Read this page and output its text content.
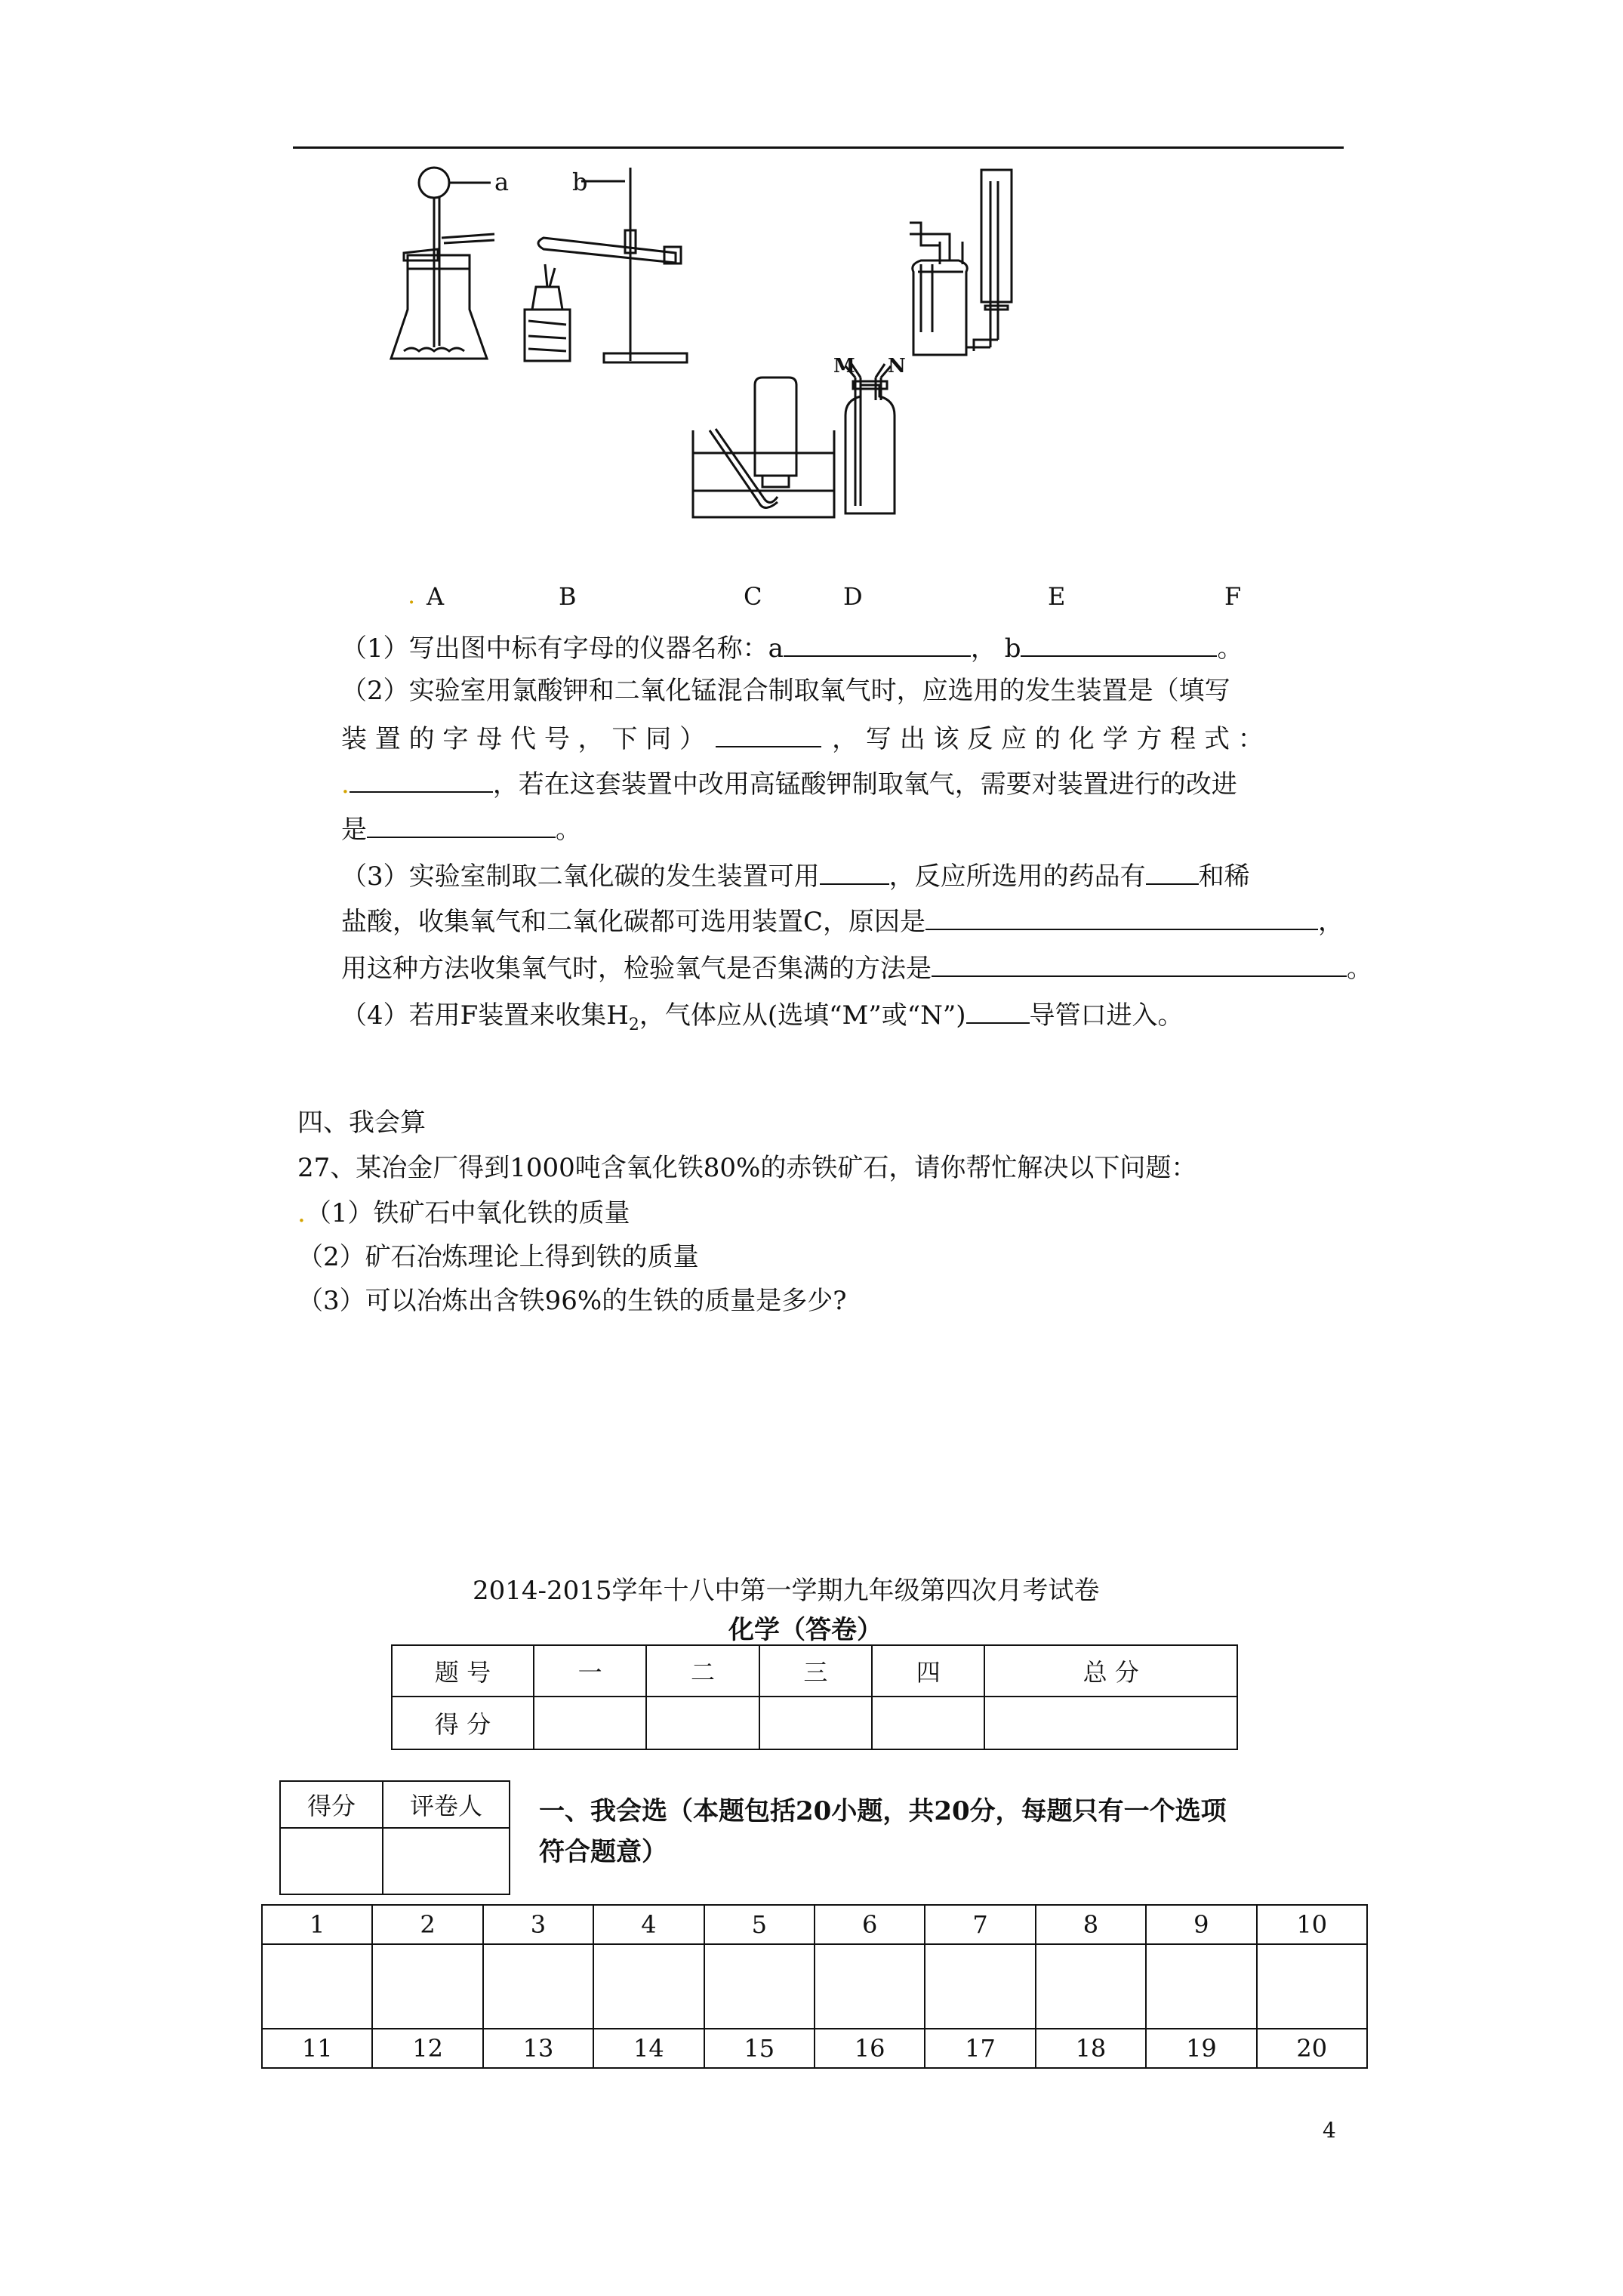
a	b
M N
. A	B	C	D	E	F
（1）写出图中标有字母的仪器名称：a	， b	。
（2）实验室用氯酸钾和二氧化锰混合制取氧气时，应选用的发生装置是（填写
装 置 的 字 母 代 号 ， 下 同 ）	， 写 出 该 反 应 的 化 学 方 程 式 ：
.	，若在这套装置中改用高锰酸钾制取氧气，需要对装置进行的改进
是	。
（3）实验室制取二氧化碳的发生装置可用	，反应所选用的药品有 和稀
盐酸，收集氧气和二氧化碳都可选用装置C，原因是	，
用这种方法收集氧气时，检验氧气是否集满的方法是	。
（4）若用F装置来收集$H_2$，气体应从(选填“M”或“N”) 导管口进入。
四、我会算
27、某冶金厂得到1000吨含氧化铁80%的赤铁矿石，请你帮忙解决以下问题：
.（1）铁矿石中氧化铁的质量
（2）矿石冶炼理论上得到铁的质量
（3）可以冶炼出含铁96%的生铁的质量是多少?
2014-2015学年十八中第一学期九年级第四次月考试卷
化学（答卷）
题 号	一	二	三	四	总 分
得 分					
得分	评卷人
	一、我会选（本题包括20小题，共20分，每题只有一个选项
符合题意）
1	2	3	4	5	6	7	8	9	10

11	12	13	14	15	16	17	18	19	20
4
